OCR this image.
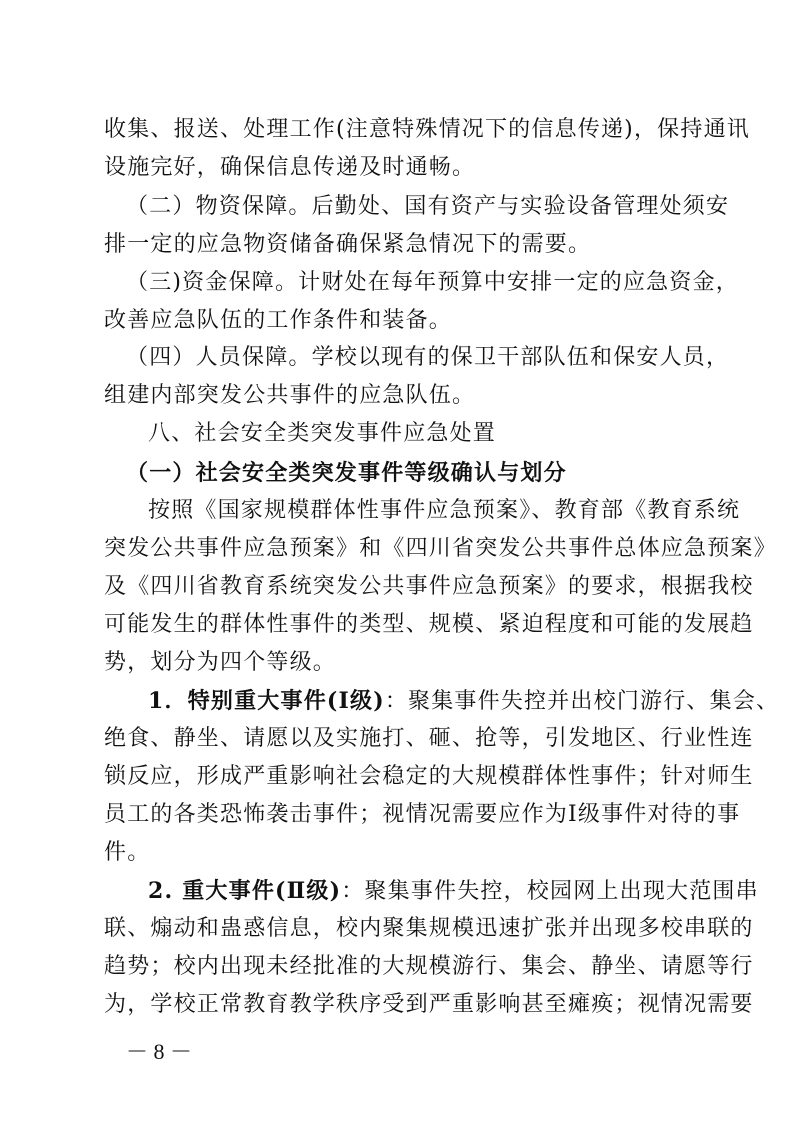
收集、报送、处理工作(注意特殊情况下的信息传递)，保持通讯
设施完好，确保信息传递及时通畅。
（二）物资保障。后勤处、国有资产与实验设备管理处须安
排一定的应急物资储备确保紧急情况下的需要。
（三)资金保障。计财处在每年预算中安排一定的应急资金，
改善应急队伍的工作条件和装备。
（四）人员保障。学校以现有的保卫干部队伍和保安人员，
组建内部突发公共事件的应急队伍。
八、社会安全类突发事件应急处置
（一）社会安全类突发事件等级确认与划分
按照《国家规模群体性事件应急预案》、教育部《教育系统
突发公共事件应急预案》和《四川省突发公共事件总体应急预案》
及《四川省教育系统突发公共事件应急预案》的要求，根据我校
可能发生的群体性事件的类型、规模、紧迫程度和可能的发展趋
势，划分为四个等级。
1．特别重大事件(Ⅰ级)：聚集事件失控并出校门游行、集会、
绝食、静坐、请愿以及实施打、砸、抢等，引发地区、行业性连
锁反应，形成严重影响社会稳定的大规模群体性事件；针对师生
员工的各类恐怖袭击事件；视情况需要应作为Ⅰ级事件对待的事
件。
2. 重大事件(Ⅱ级)：聚集事件失控，校园网上出现大范围串
联、煽动和蛊惑信息，校内聚集规模迅速扩张并出现多校串联的
趋势；校内出现未经批准的大规模游行、集会、静坐、请愿等行
为，学校正常教育教学秩序受到严重影响甚至瘫痪；视情况需要
－ 8 －
